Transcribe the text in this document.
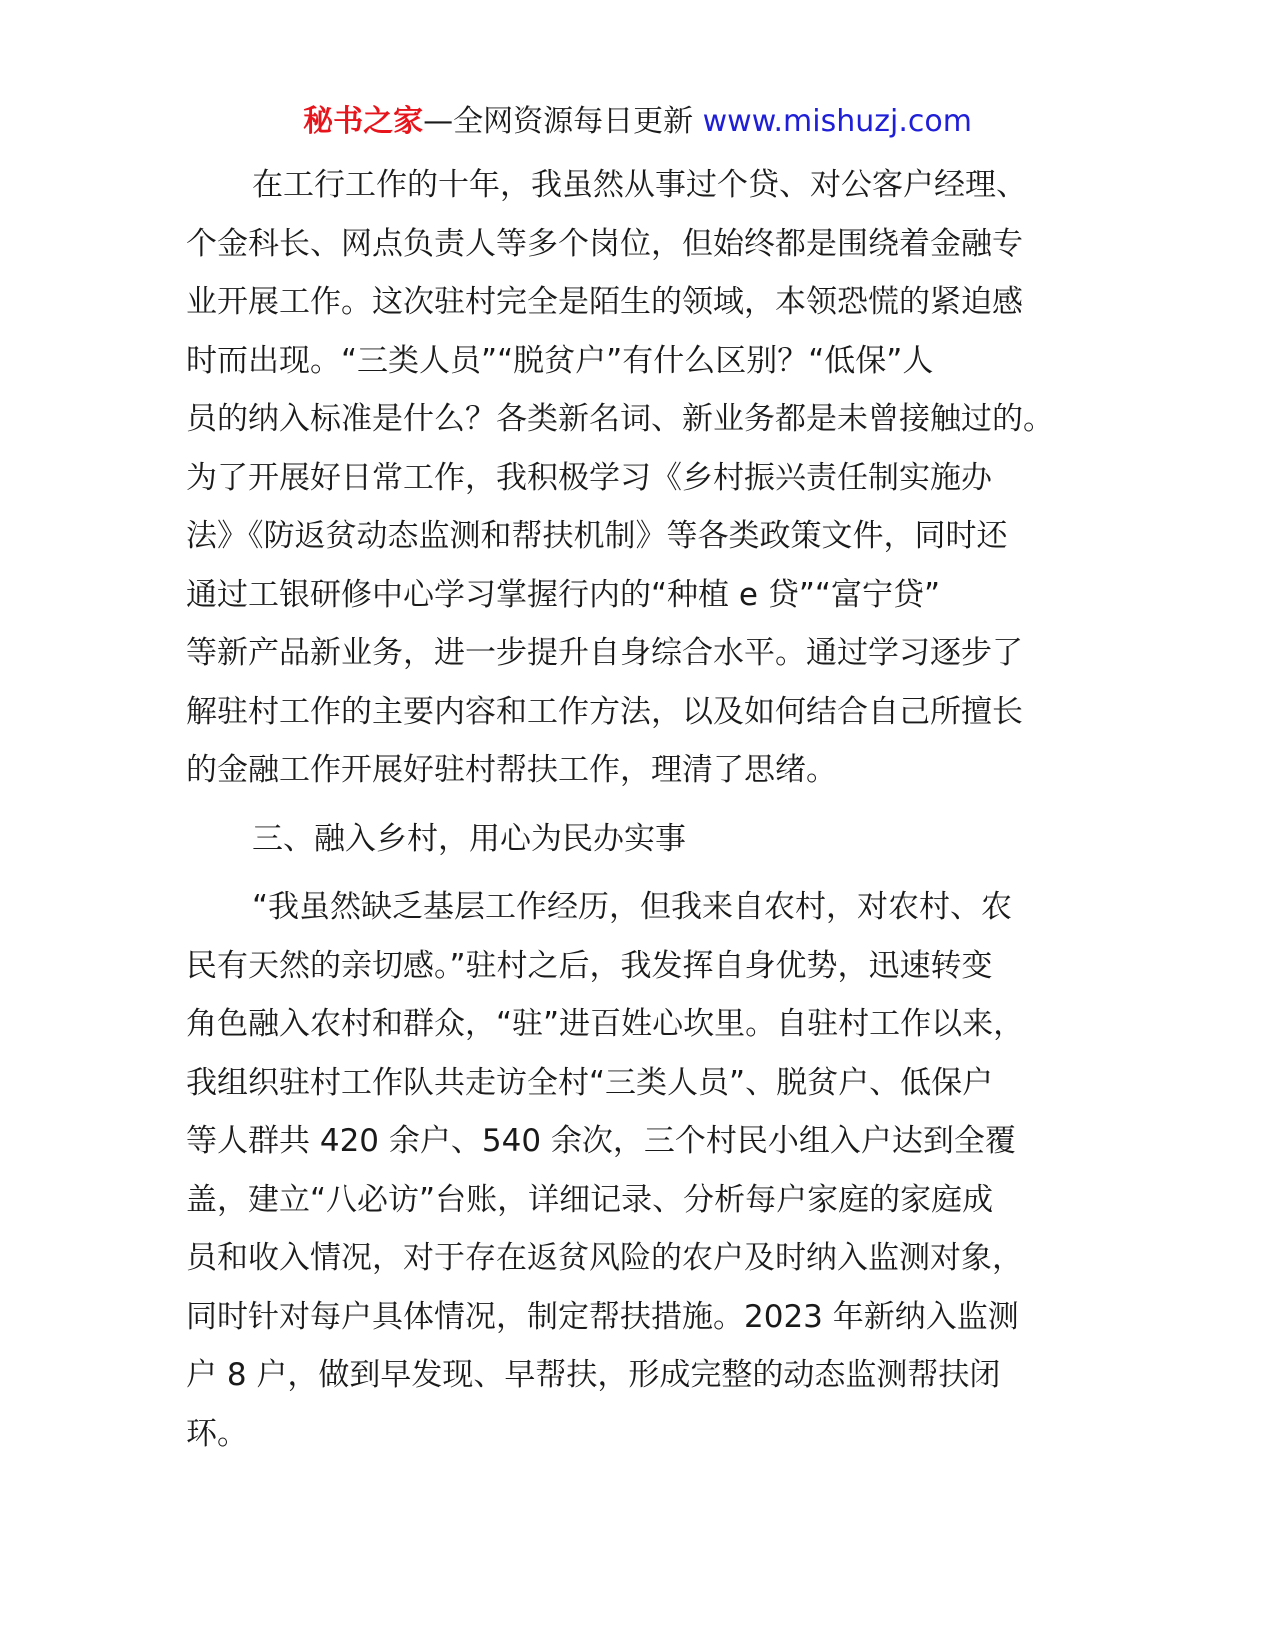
秘书之家—全网资源每日更新 www.mishuzj.com
在工行工作的十年，我虽然从事过个贷、对公客户经理、
个金科长、网点负责人等多个岗位，但始终都是围绕着金融专
业开展工作。这次驻村完全是陌生的领域，本领恐慌的紧迫感
时而出现。“三类人员”“脱贫户”有什么区别？“低保”人
员的纳入标准是什么？各类新名词、新业务都是未曾接触过的。
为了开展好日常工作，我积极学习《乡村振兴责任制实施办
法》《防返贫动态监测和帮扶机制》等各类政策文件，同时还
通过工银研修中心学习掌握行内的“种植 e 贷”“富宁贷”
等新产品新业务，进一步提升自身综合水平。通过学习逐步了
解驻村工作的主要内容和工作方法，以及如何结合自己所擅长
的金融工作开展好驻村帮扶工作，理清了思绪。
三、融入乡村，用心为民办实事
“我虽然缺乏基层工作经历，但我来自农村，对农村、农
民有天然的亲切感。”驻村之后，我发挥自身优势，迅速转变
角色融入农村和群众，“驻”进百姓心坎里。自驻村工作以来，
我组织驻村工作队共走访全村“三类人员”、脱贫户、低保户
等人群共 420 余户、540 余次，三个村民小组入户达到全覆
盖，建立“八必访”台账，详细记录、分析每户家庭的家庭成
员和收入情况，对于存在返贫风险的农户及时纳入监测对象，
同时针对每户具体情况，制定帮扶措施。2023 年新纳入监测
户 8 户，做到早发现、早帮扶，形成完整的动态监测帮扶闭
环。
